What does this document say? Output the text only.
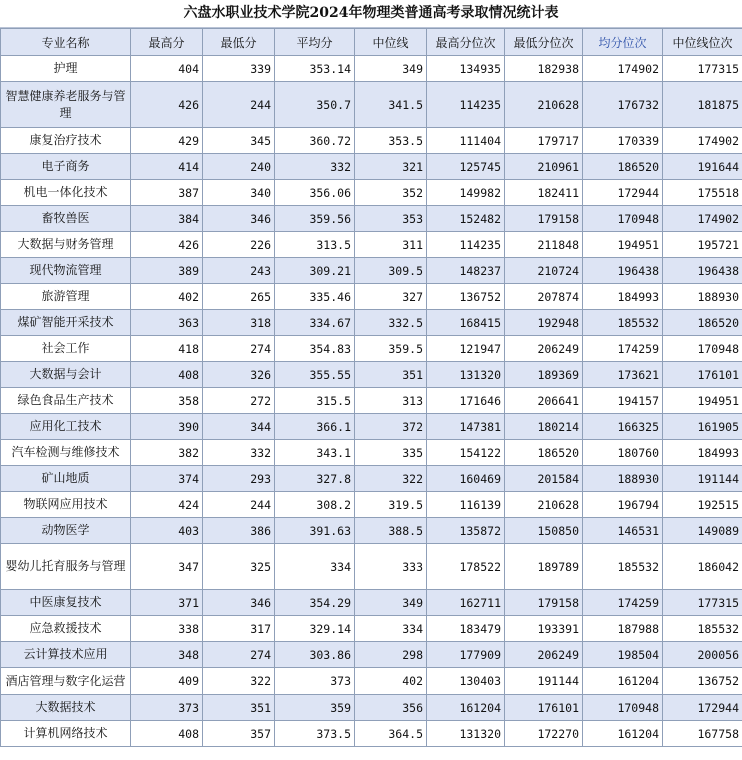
六盘水职业技术学院2024年物理类普通高考录取情况统计表
专业名称	最高分	最低分	平均分	中位线	最高分位次	最低分位次	均分位次	中位线位次
护理	404	339	353.14	349	134935	182938	174902	177315
智慧健康养老服务与管理	426	244	350.7	341.5	114235	210628	176732	181875
康复治疗技术	429	345	360.72	353.5	111404	179717	170339	174902
电子商务	414	240	332	321	125745	210961	186520	191644
机电一体化技术	387	340	356.06	352	149982	182411	172944	175518
畜牧兽医	384	346	359.56	353	152482	179158	170948	174902
大数据与财务管理	426	226	313.5	311	114235	211848	194951	195721
现代物流管理	389	243	309.21	309.5	148237	210724	196438	196438
旅游管理	402	265	335.46	327	136752	207874	184993	188930
煤矿智能开采技术	363	318	334.67	332.5	168415	192948	185532	186520
社会工作	418	274	354.83	359.5	121947	206249	174259	170948
大数据与会计	408	326	355.55	351	131320	189369	173621	176101
绿色食品生产技术	358	272	315.5	313	171646	206641	194157	194951
应用化工技术	390	344	366.1	372	147381	180214	166325	161905
汽车检测与维修技术	382	332	343.1	335	154122	186520	180760	184993
矿山地质	374	293	327.8	322	160469	201584	188930	191144
物联网应用技术	424	244	308.2	319.5	116139	210628	196794	192515
动物医学	403	386	391.63	388.5	135872	150850	146531	149089
婴幼儿托育服务与管理	347	325	334	333	178522	189789	185532	186042
中医康复技术	371	346	354.29	349	162711	179158	174259	177315
应急救援技术	338	317	329.14	334	183479	193391	187988	185532
云计算技术应用	348	274	303.86	298	177909	206249	198504	200056
酒店管理与数字化运营	409	322	373	402	130403	191144	161204	136752
大数据技术	373	351	359	356	161204	176101	170948	172944
计算机网络技术	408	357	373.5	364.5	131320	172270	161204	167758
